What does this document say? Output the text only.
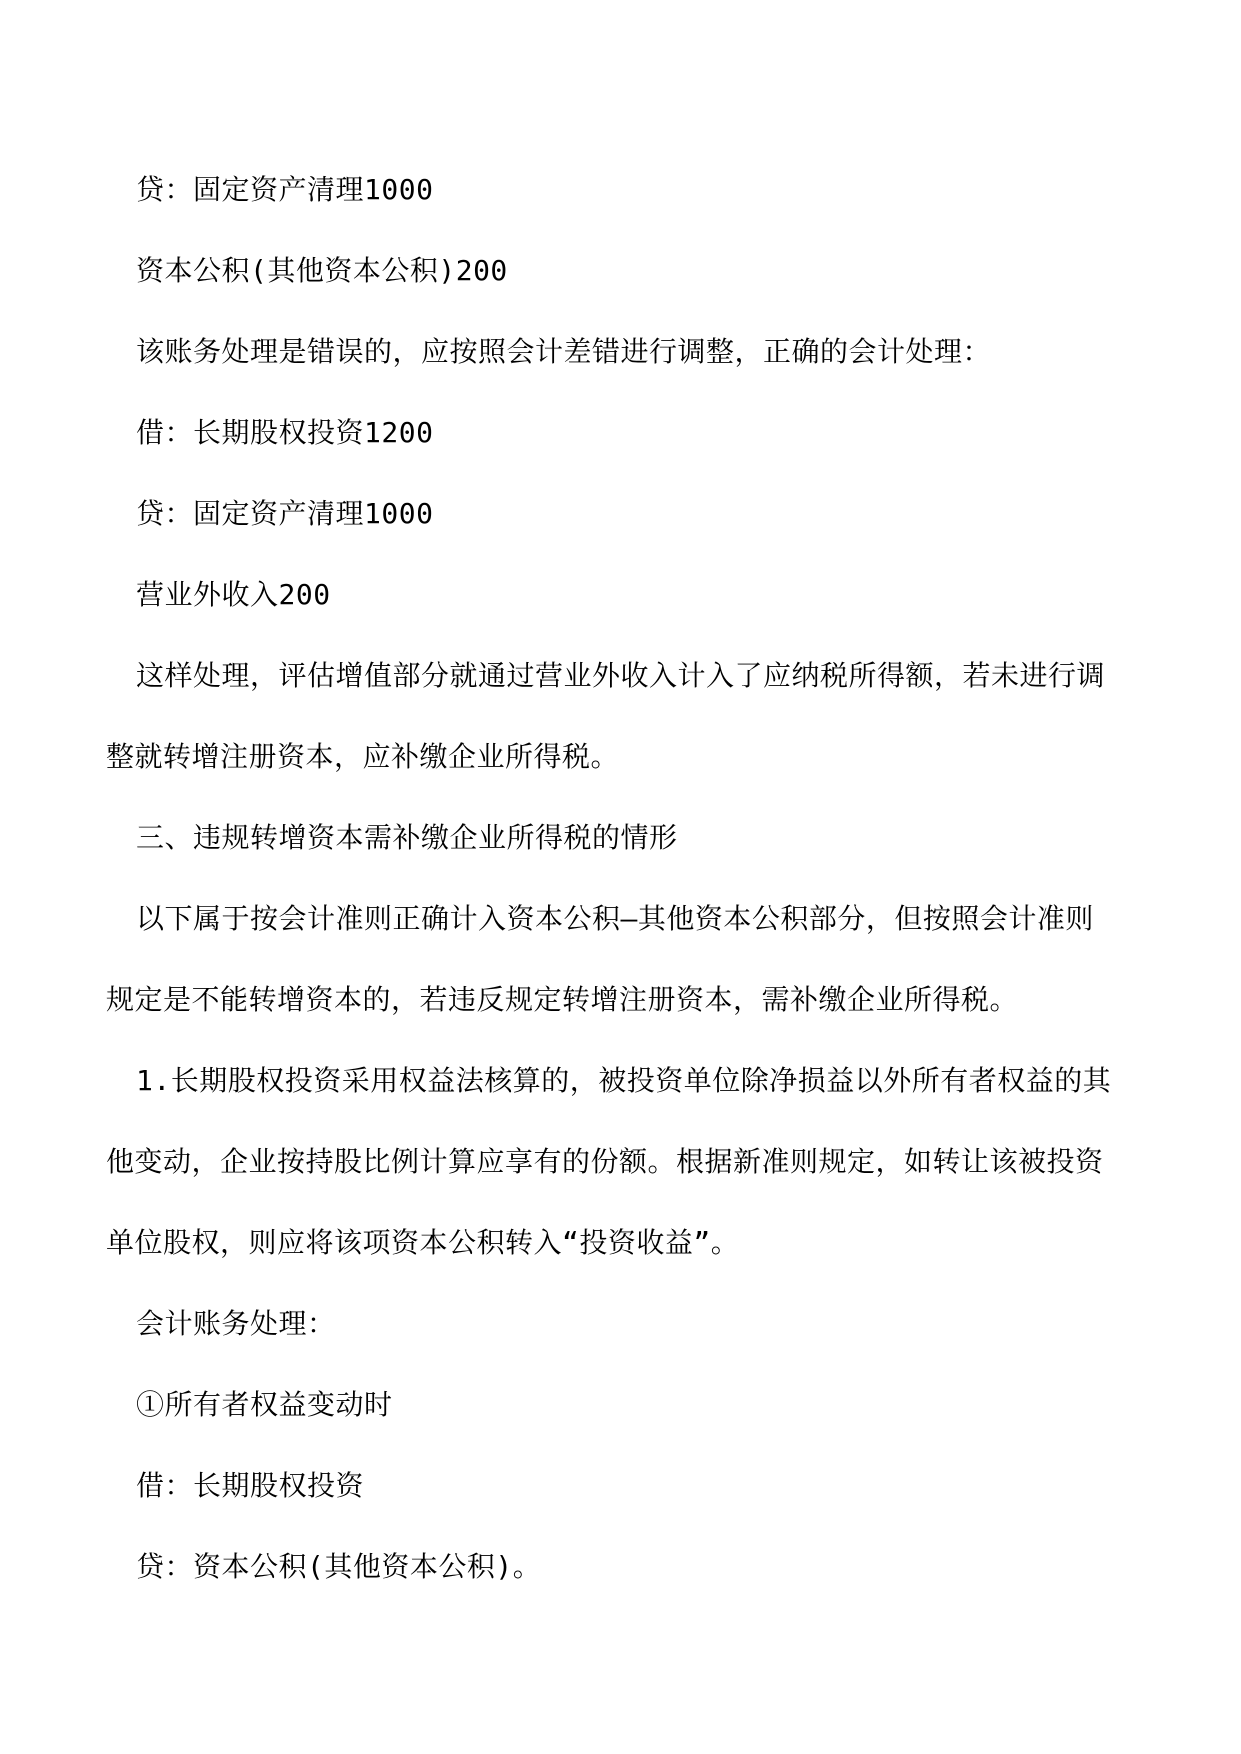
贷：固定资产清理1000
资本公积(其他资本公积)200
该账务处理是错误的，应按照会计差错进行调整，正确的会计处理：
借：长期股权投资1200
贷：固定资产清理1000
营业外收入200
这样处理，评估增值部分就通过营业外收入计入了应纳税所得额，若未进行调
整就转增注册资本，应补缴企业所得税。
三、违规转增资本需补缴企业所得税的情形
以下属于按会计准则正确计入资本公积—其他资本公积部分，但按照会计准则
规定是不能转增资本的，若违反规定转增注册资本，需补缴企业所得税。
1.长期股权投资采用权益法核算的，被投资单位除净损益以外所有者权益的其
他变动，企业按持股比例计算应享有的份额。根据新准则规定，如转让该被投资
单位股权，则应将该项资本公积转入“投资收益”。
会计账务处理：
①所有者权益变动时
借：长期股权投资
贷：资本公积(其他资本公积)。
